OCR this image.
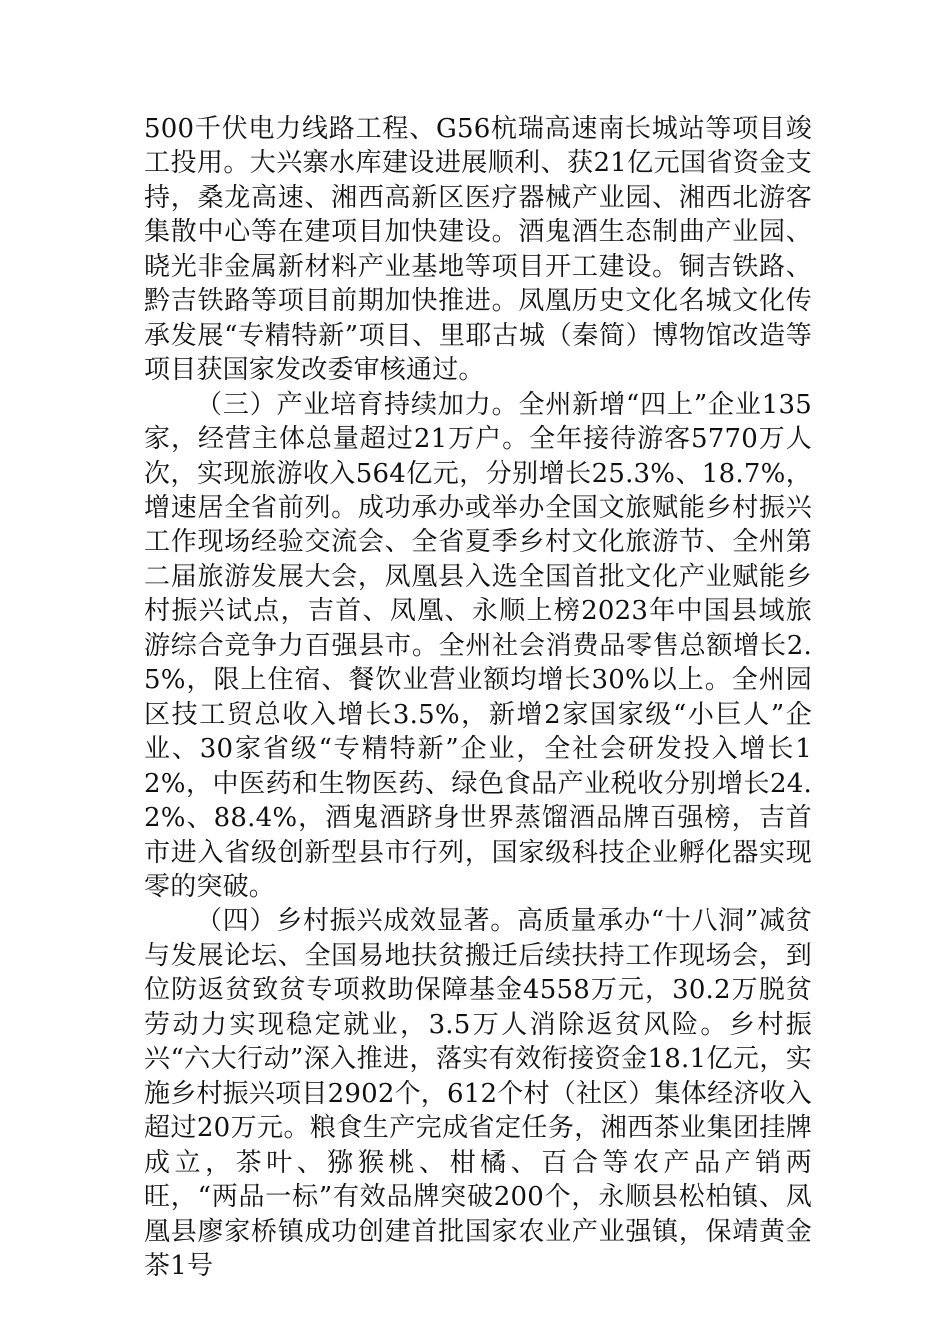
500千伏电力线路工程、G56杭瑞高速南长城站等项目竣工投用。大兴寨水库建设进展顺利、获21亿元国省资金支持，桑龙高速、湘西高新区医疗器械产业园、湘西北游客集散中心等在建项目加快建设。酒鬼酒生态制曲产业园、晓光非金属新材料产业基地等项目开工建设。铜吉铁路、黔吉铁路等项目前期加快推进。凤凰历史文化名城文化传承发展“专精特新”项目、里耶古城（秦简）博物馆改造等项目获国家发改委审核通过。

（三）产业培育持续加力。全州新增“四上”企业135家，经营主体总量超过21万户。全年接待游客5770万人次，实现旅游收入564亿元，分别增长25.3%、18.7%，增速居全省前列。成功承办或举办全国文旅赋能乡村振兴工作现场经验交流会、全省夏季乡村文化旅游节、全州第二届旅游发展大会，凤凰县入选全国首批文化产业赋能乡村振兴试点，吉首、凤凰、永顺上榜2023年中国县域旅游综合竞争力百强县市。全州社会消费品零售总额增长2.5%，限上住宿、餐饮业营业额均增长30%以上。全州园区技工贸总收入增长3.5%，新增2家国家级“小巨人”企业、30家省级“专精特新”企业，全社会研发投入增长12%，中医药和生物医药、绿色食品产业税收分别增长24.2%、88.4%，酒鬼酒跻身世界蒸馏酒品牌百强榜，吉首市进入省级创新型县市行列，国家级科技企业孵化器实现零的突破。

（四）乡村振兴成效显著。高质量承办“十八洞”减贫与发展论坛、全国易地扶贫搬迁后续扶持工作现场会，到位防返贫致贫专项救助保障基金4558万元，30.2万脱贫劳动力实现稳定就业，3.5万人消除返贫风险。乡村振兴“六大行动”深入推进，落实有效衔接资金18.1亿元，实施乡村振兴项目2902个，612个村（社区）集体经济收入超过20万元。粮食生产完成省定任务，湘西茶业集团挂牌成立，茶叶、猕猴桃、柑橘、百合等农产品产销两旺，“两品一标”有效品牌突破200个，永顺县松柏镇、凤凰县廖家桥镇成功创建首批国家农业产业强镇，保靖黄金茶1号
